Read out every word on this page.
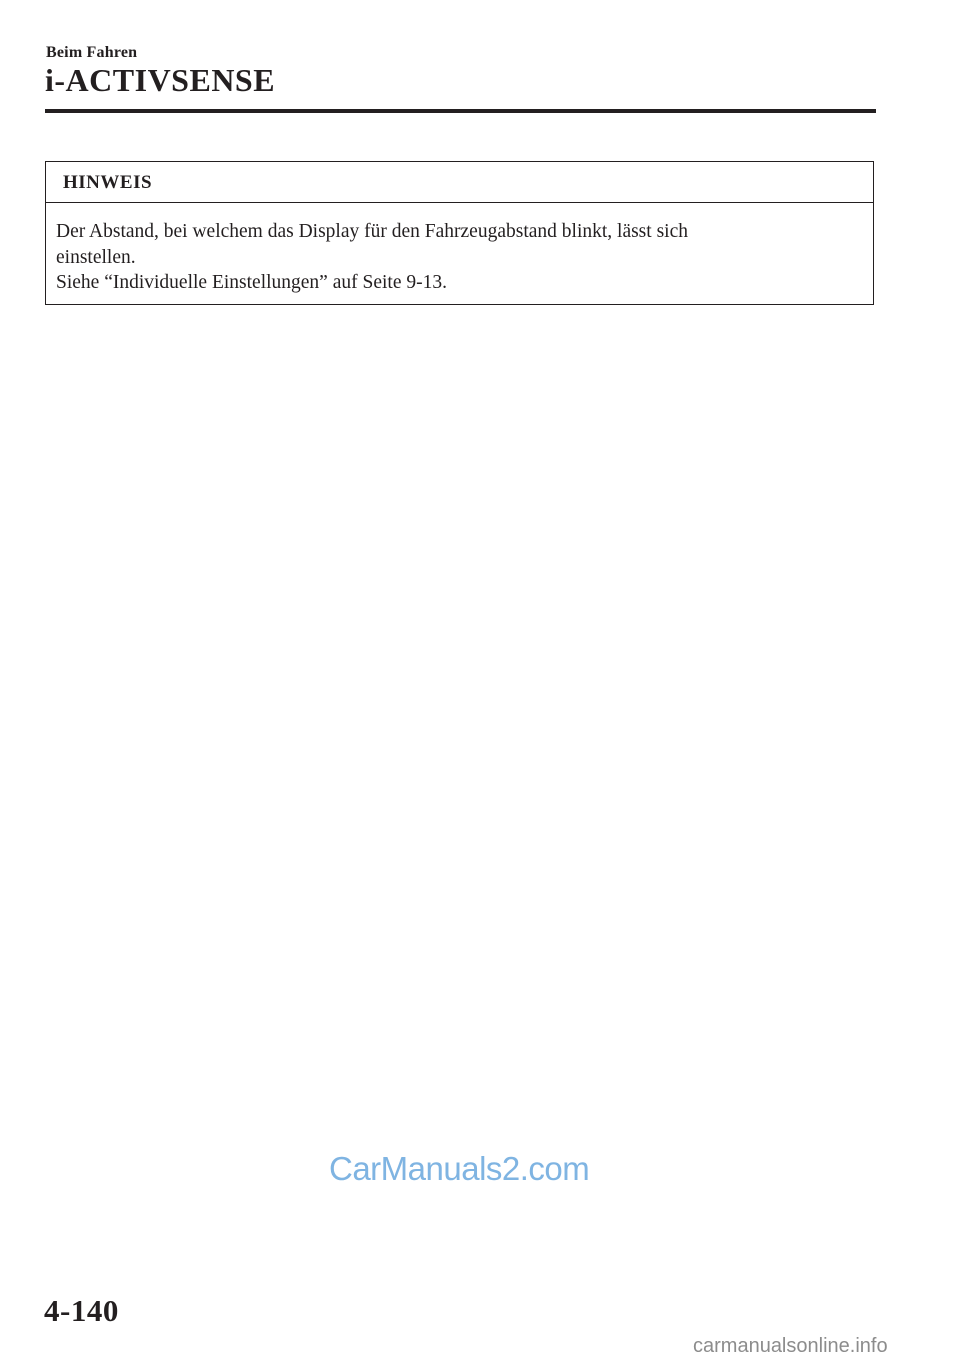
Beim Fahren
i-ACTIVSENSE
HINWEIS

Der Abstand, bei welchem das Display für den Fahrzeugabstand blinkt, lässt sich

einstellen.

Siehe “Individuelle Einstellungen” auf Seite 9-13.

CarManuals2.com
4-140
carmanualsonline.info
